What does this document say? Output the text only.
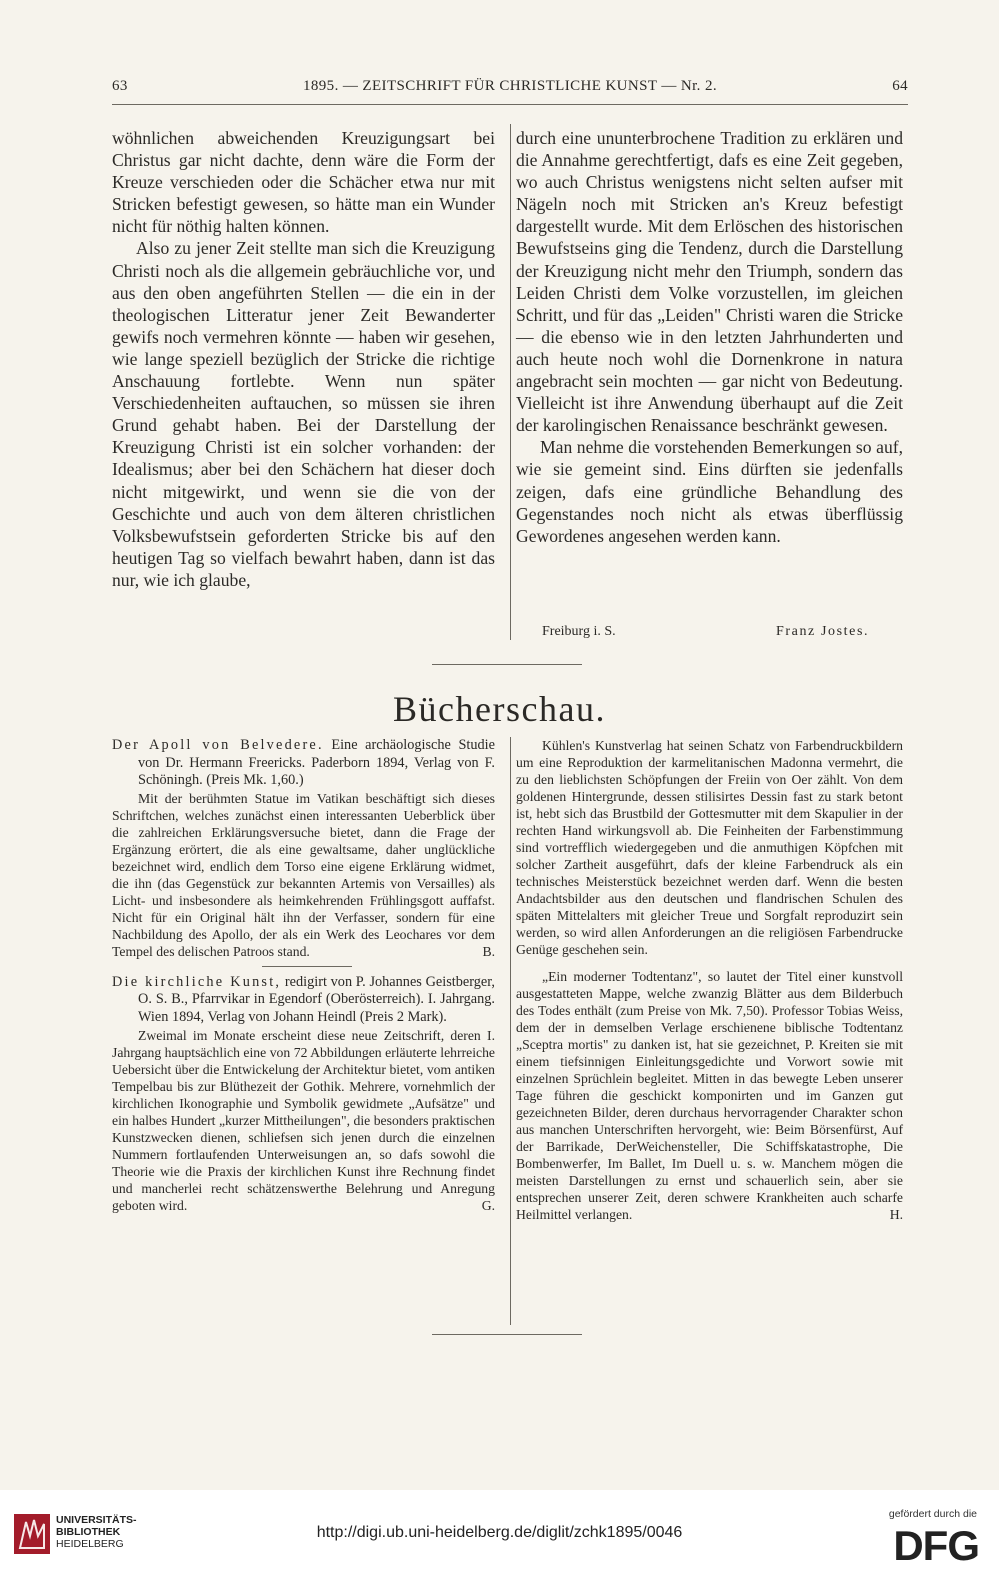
63	1895. — ZEITSCHRIFT FÜR CHRISTLICHE KUNST — Nr. 2.	64

wöhnlichen abweichenden Kreuzigungsart bei Christus gar nicht dachte, denn wäre die Form der Kreuze verschieden oder die Schächer etwa nur mit Stricken befestigt gewesen, so hätte man ein Wunder nicht für nöthig halten können.

Also zu jener Zeit stellte man sich die Kreuzigung Christi noch als die allgemein gebräuchliche vor, und aus den oben angeführten Stellen — die ein in der theologischen Litteratur jener Zeit Bewanderter gewifs noch vermehren könnte — haben wir gesehen, wie lange speziell bezüglich der Stricke die richtige Anschauung fortlebte. Wenn nun später Verschiedenheiten auftauchen, so müssen sie ihren Grund gehabt haben. Bei der Darstellung der Kreuzigung Christi ist ein solcher vorhanden: der Idealismus; aber bei den Schächern hat dieser doch nicht mitgewirkt, und wenn sie die von der Geschichte und auch von dem älteren christlichen Volksbewufstsein geforderten Stricke bis auf den heutigen Tag so vielfach bewahrt haben, dann ist das nur, wie ich glaube,

durch eine ununterbrochene Tradition zu erklären und die Annahme gerechtfertigt, dafs es eine Zeit gegeben, wo auch Christus wenigstens nicht selten aufser mit Nägeln noch mit Stricken an's Kreuz befestigt dargestellt wurde. Mit dem Erlöschen des historischen Bewufstseins ging die Tendenz, durch die Darstellung der Kreuzigung nicht mehr den Triumph, sondern das Leiden Christi dem Volke vorzustellen, im gleichen Schritt, und für das „Leiden" Christi waren die Stricke — die ebenso wie in den letzten Jahrhunderten und auch heute noch wohl die Dornenkrone in natura angebracht sein mochten — gar nicht von Bedeutung. Vielleicht ist ihre Anwendung überhaupt auf die Zeit der karolingischen Renaissance beschränkt gewesen.

Man nehme die vorstehenden Bemerkungen so auf, wie sie gemeint sind. Eins dürften sie jedenfalls zeigen, dafs eine gründliche Behandlung des Gegenstandes noch nicht als etwas überflüssig Gewordenes angesehen werden kann.

Freiburg i. S.	Franz Jostes.
Bücherschau.

Der Apoll von Belvedere. Eine archäologische Studie von Dr. Hermann Freericks. Paderborn 1894, Verlag von F. Schöningh. (Preis Mk. 1,60.)

Mit der berühmten Statue im Vatikan beschäftigt sich dieses Schriftchen, welches zunächst einen interessanten Ueberblick über die zahlreichen Erklärungsversuche bietet, dann die Frage der Ergänzung erörtert, die als eine gewaltsame, daher unglückliche bezeichnet wird, endlich dem Torso eine eigene Erklärung widmet, die ihn (das Gegenstück zur bekannten Artemis von Versailles) als Licht- und insbesondere als heimkehrenden Frühlingsgott auffafst. Nicht für ein Original hält ihn der Verfasser, sondern für eine Nachbildung des Apollo, der als ein Werk des Leochares vor dem Tempel des delischen Patroos stand.	B.

Die kirchliche Kunst, redigirt von P. Johannes Geistberger, O. S. B., Pfarrvikar in Egendorf (Oberösterreich). I. Jahrgang. Wien 1894, Verlag von Johann Heindl (Preis 2 Mark).

Zweimal im Monate erscheint diese neue Zeitschrift, deren I. Jahrgang hauptsächlich eine von 72 Abbildungen erläuterte lehrreiche Uebersicht über die Entwickelung der Architektur bietet, vom antiken Tempelbau bis zur Blüthezeit der Gothik. Mehrere, vornehmlich der kirchlichen Ikonographie und Symbolik gewidmete „Aufsätze" und ein halbes Hundert „kurzer Mittheilungen", die besonders praktischen Kunstzwecken dienen, schliefsen sich jenen durch die einzelnen Nummern fortlaufenden Unterweisungen an, so dafs sowohl die Theorie wie die Praxis der kirchlichen Kunst ihre Rechnung findet und mancherlei recht schätzenswerthe Belehrung und Anregung geboten wird.	G.

Kühlen's Kunstverlag hat seinen Schatz von Farbendruckbildern um eine Reproduktion der karmelitanischen Madonna vermehrt, die zu den lieblichsten Schöpfungen der Freiin von Oer zählt. Von dem goldenen Hintergrunde, dessen stilisirtes Dessin fast zu stark betont ist, hebt sich das Brustbild der Gottesmutter mit dem Skapulier in der rechten Hand wirkungsvoll ab. Die Feinheiten der Farbenstimmung sind vortrefflich wiedergegeben und die anmuthigen Köpfchen mit solcher Zartheit ausgeführt, dafs der kleine Farbendruck als ein technisches Meisterstück bezeichnet werden darf. Wenn die besten Andachtsbilder aus den deutschen und flandrischen Schulen des späten Mittelalters mit gleicher Treue und Sorgfalt reproduzirt sein werden, so wird allen Anforderungen an die religiösen Farbendrucke Genüge geschehen sein.

„Ein moderner Todtentanz", so lautet der Titel einer kunstvoll ausgestatteten Mappe, welche zwanzig Blätter aus dem Bilderbuch des Todes enthält (zum Preise von Mk. 7,50). Professor Tobias Weiss, dem der in demselben Verlage erschienene biblische Todtentanz „Sceptra mortis" zu danken ist, hat sie gezeichnet, P. Kreiten sie mit einem tiefsinnigen Einleitungsgedichte und Vorwort sowie mit einzelnen Sprüchlein begleitet. Mitten in das bewegte Leben unserer Tage führen die geschickt komponirten und im Ganzen gut gezeichneten Bilder, deren durchaus hervorragender Charakter schon aus manchen Unterschriften hervorgeht, wie: Beim Börsenfürst, Auf der Barrikade, DerWeichensteller, Die Schiffskatastrophe, Die Bombenwerfer, Im Ballet, Im Duell u. s. w. Manchem mögen die meisten Darstellungen zu ernst und schauerlich sein, aber sie entsprechen unserer Zeit, deren schwere Krankheiten auch scharfe Heilmittel verlangen.	H.

UNIVERSITÄTS-
BIBLIOTHEK
HEIDELBERG
http://digi.ub.uni-heidelberg.de/diglit/zchk1895/0046
gefördert durch die
DFG
